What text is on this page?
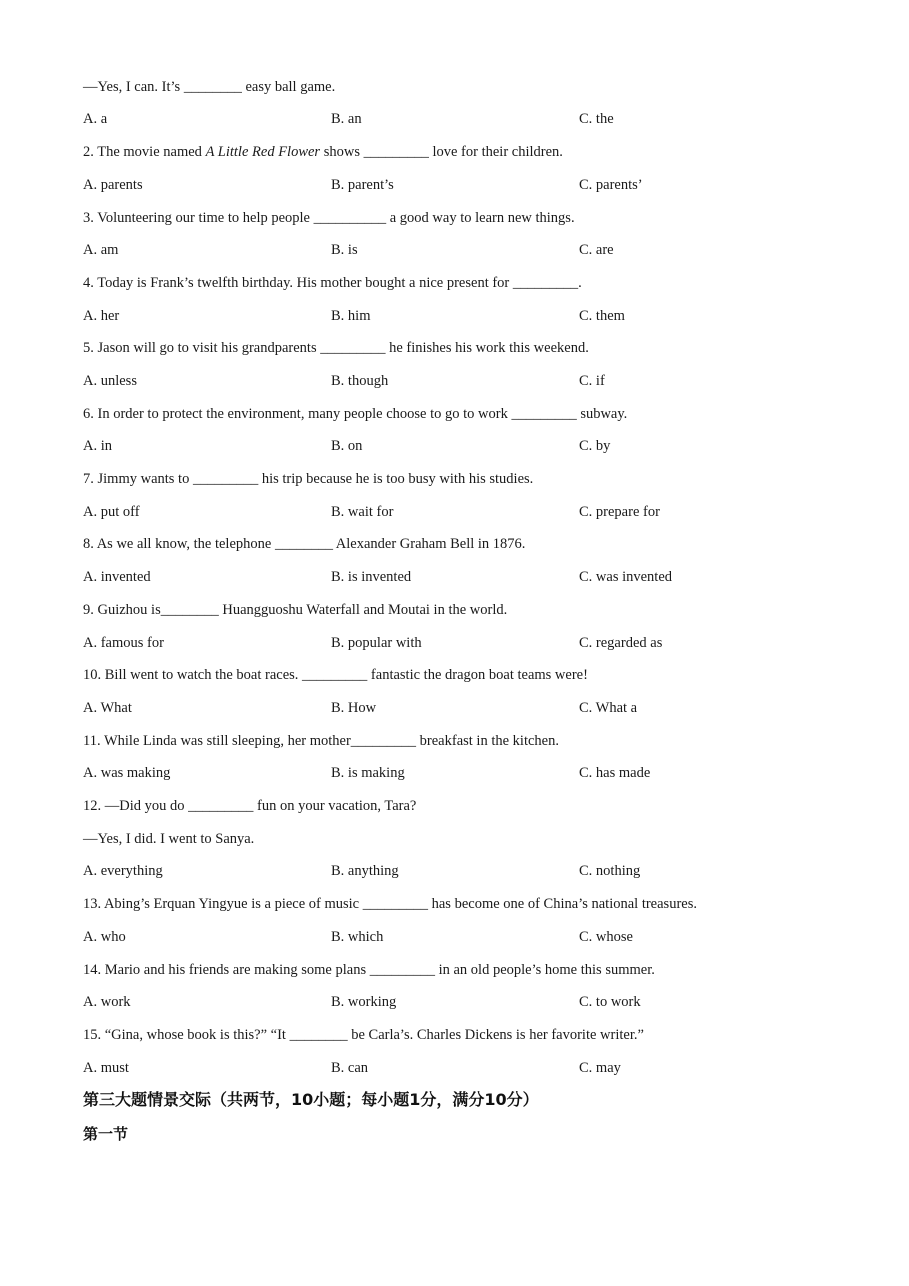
—Yes, I can. It’s ________ easy ball game.
A. a	B. an	C. the
2. The movie named A Little Red Flower shows _________ love for their children.
A. parents	B. parent’s	C. parents’
3. Volunteering our time to help people __________ a good way to learn new things.
A. am	B. is	C. are
4. Today is Frank’s twelfth birthday. His mother bought a nice present for _________.
A. her	B. him	C. them
5. Jason will go to visit his grandparents _________ he finishes his work this weekend.
A. unless	B. though	C. if
6. In order to protect the environment, many people choose to go to work _________ subway.
A. in	B. on	C. by
7. Jimmy wants to _________ his trip because he is too busy with his studies.
A. put off	B. wait for	C. prepare for
8. As we all know, the telephone ________ Alexander Graham Bell in 1876.
A. invented	B. is invented	C. was invented
9. Guizhou is________ Huangguoshu Waterfall and Moutai in the world.
A. famous for	B. popular with	C. regarded as
10. Bill went to watch the boat races. _________ fantastic the dragon boat teams were!
A. What	B. How	C. What a
11. While Linda was still sleeping, her mother_________ breakfast in the kitchen.
A. was making	B. is making	C. has made
12. —Did you do _________ fun on your vacation, Tara?
—Yes, I did. I went to Sanya.
A. everything	B. anything	C. nothing
13. Abing’s Erquan Yingyue is a piece of music _________ has become one of China’s national treasures.
A. who	B. which	C. whose
14. Mario and his friends are making some plans _________ in an old people’s home this summer.
A. work	B. working	C. to work
15. “Gina, whose book is this?” “It ________ be Carla’s. Charles Dickens is her favorite writer.”
A. must	B. can	C. may
第三大题情景交际（共两节，10小题；每小题1分，满分10分）
第一节
